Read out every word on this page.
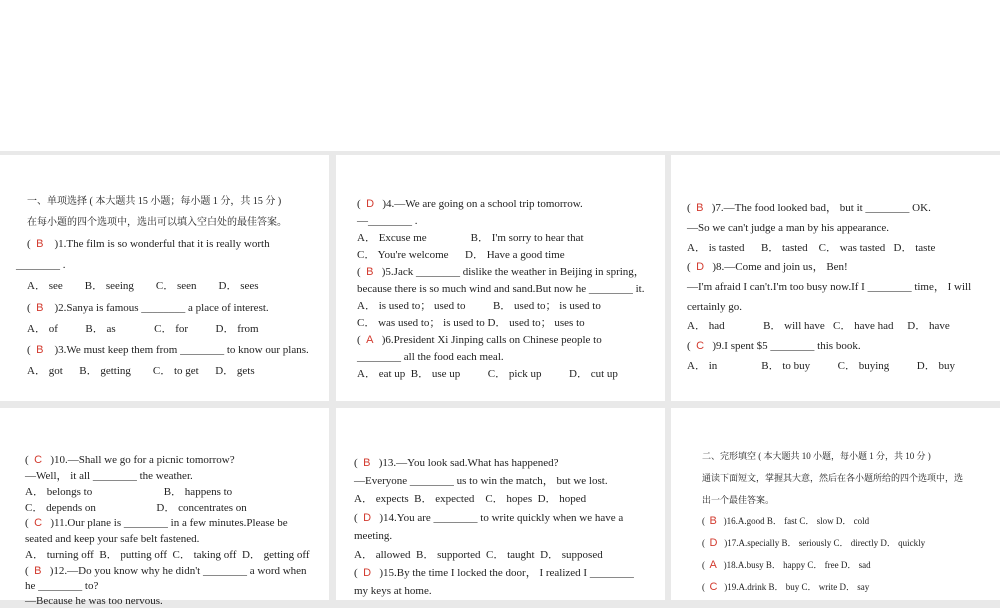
一、单项选择 ( 本大题共 15 小题；每小题 1 分，共 15 分 )
在每小题的四个选项中，选出可以填入空白处的最佳答案。
(  B )1.The film is so wonderful that it is really worth
________ .
A． see        B． seeing        C． seen        D． sees
(  B )2.Sanya is famous ________ a place of interest.
A． of          B． as              C． for          D． from
(  B )3.We must keep them from ________ to know our plans.
A． got      B． getting        C． to get      D． gets
(  D )4.—We are going on a school trip tomorrow.
—________ .
A． Excuse me                B． I'm sorry to hear that
C． You're welcome      D． Have a good time
(  B )5.Jack ________ dislike the weather in Beijing in spring，
because there is so much wind and sand.But now he ________ it.
A． is used to； used to          B． used to； is used to
C． was used to； is used to D． used to； uses to
(  A )6.President Xi Jinping calls on Chinese people to
________ all the food each meal.
A． eat up  B． use up          C． pick up          D． cut up
(  B )7.—The food looked bad， but it ________ OK.
—So we can't judge a man by his appearance.
A． is tasted      B． tasted    C． was tasted   D． taste
(  D )8.—Come and join us， Ben!
—I'm afraid I can't.I'm too busy now.If I ________ time， I will
certainly go.
A． had              B． will have   C． have had     D． have
(  C )9.I spent $5 ________ this book.
A． in                B． to buy          C． buying          D． buy
(  C )10.—Shall we go for a picnic tomorrow?
—Well， it all ________ the weather.
A． belongs to                          B． happens to
C． depends on                      D． concentrates on
(  C )11.Our plane is ________ in a few minutes.Please be
seated and keep your safe belt fastened.
A． turning off  B． putting off  C． taking off  D． getting off
(  B )12.—Do you know why he didn't ________ a word when
he ________ to?
—Because he was too nervous.
(  B )13.—You look sad.What has happened?
—Everyone ________ us to win the match， but we lost.
A． expects  B． expected    C． hopes  D． hoped
(  D )14.You are ________ to write quickly when we have a
meeting.
A． allowed  B． supported  C． taught  D． supposed
(  D )15.By the time I locked the door， I realized I ________
my keys at home.
二、完形填空 ( 本大题共 10 小题，每小题 1 分，共 10 分 )
通读下面短文，掌握其大意，然后在各小题所给的四个选项中，选
出一个最佳答案。
(  B )16.A.good B． fast C． slow D． cold
(  D )17.A.specially B． seriously C． directly D． quickly
(  A )18.A.busy B． happy C． free D． sad
(  C )19.A.drink B． buy C． write D． say
